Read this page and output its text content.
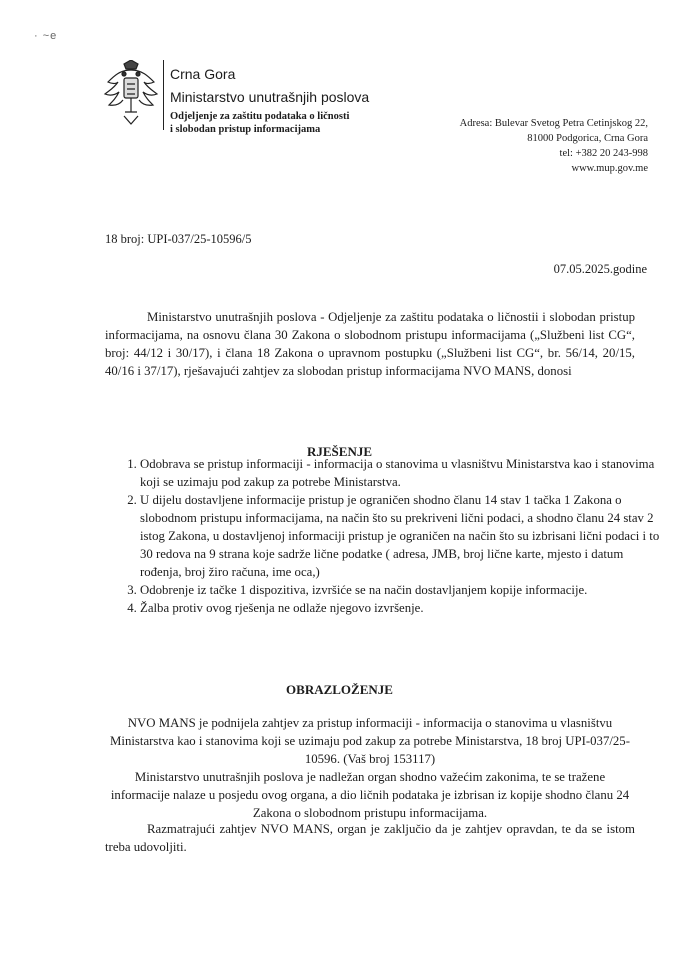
· ~e
Crna Gora
Ministarstvo unutrašnjih poslova
Odjeljenje za zaštitu podataka o ličnosti
i slobodan pristup informacijama
Adresa: Bulevar Svetog Petra Cetinjskog 22,
81000 Podgorica, Crna Gora
tel: +382 20 243-998
www.mup.gov.me
18 broj: UPI-037/25-10596/5
07.05.2025.godine

Ministarstvo unutrašnjih poslova - Odjeljenje za zaštitu podataka o ličnostii i slobodan pristup informacijama, na osnovu člana 30 Zakona o slobodnom pristupu informacijama („Službeni list CG“, broj: 44/12 i 30/17), i člana 18 Zakona o upravnom postupku („Službeni list CG“, br. 56/14, 20/15, 40/16 i 37/17), rješavajući zahtjev za slobodan pristup informacijama NVO MANS, donosi

RJEŠENJE
1. Odobrava se pristup informaciji - informacija o stanovima u vlasništvu Ministarstva kao i stanovima koji se uzimaju pod zakup za potrebe Ministarstva.
2. U dijelu dostavljene informacije pristup je ograničen shodno članu 14 stav 1 tačka 1 Zakona o slobodnom pristupu informacijama, na način što su prekriveni lični podaci, a shodno članu 24 stav 2 istog Zakona, u dostavljenoj informaciji pristup je ograničen na način što su izbrisani lični podaci i to 30 redova na 9 strana koje sadrže lične podatke ( adresa, JMB, broj lične karte, mjesto i datum rođenja, broj žiro računa, ime oca,)
3. Odobrenje iz tačke 1 dispozitiva, izvršiće se na način dostavljanjem kopije informacije.
4. Žalba protiv ovog rješenja ne odlaže njegovo izvršenje.
OBRAZLOŽENJE

NVO MANS je podnijela zahtjev za pristup informaciji - informacija o stanovima u vlasništvu Ministarstva kao i stanovima koji se uzimaju pod zakup za potrebe Ministarstva, 18 broj UPI-037/25-10596. (Vaš broj 153117)

Ministarstvo unutrašnjih poslova je nadležan organ shodno važećim zakonima, te se tražene informacije nalaze u posjedu ovog organa, a dio ličnih podataka je izbrisan iz kopije shodno članu 24 Zakona o slobodnom pristupu informacijama.

Razmatrajući zahtjev NVO MANS, organ je zaključio da je zahtjev opravdan, te da se istom treba udovoljiti.
